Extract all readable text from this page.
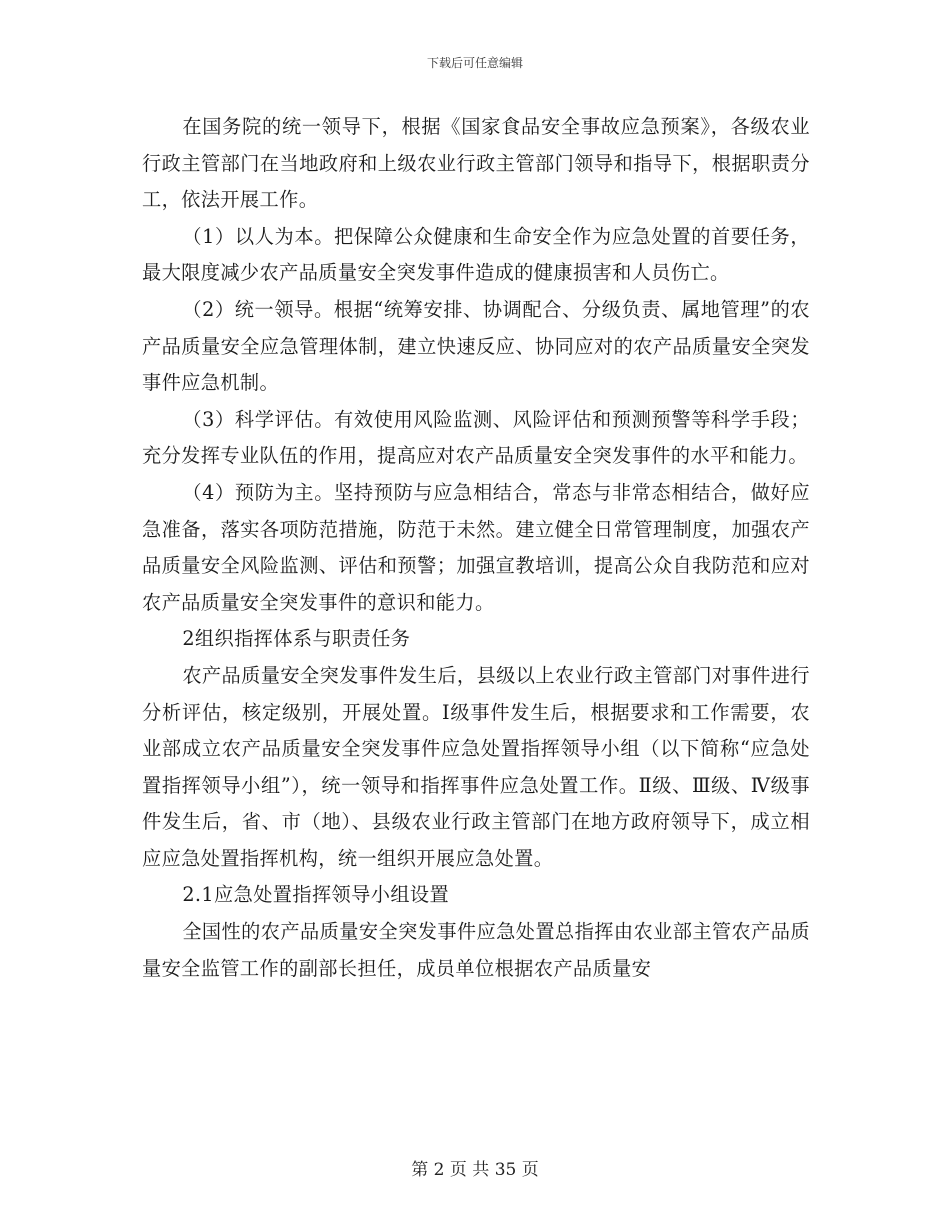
下载后可任意编辑

在国务院的统一领导下，根据《国家食品安全事故应急预案》，各级农业行政主管部门在当地政府和上级农业行政主管部门领导和指导下，根据职责分工，依法开展工作。

（1）以人为本。把保障公众健康和生命安全作为应急处置的首要任务，最大限度减少农产品质量安全突发事件造成的健康损害和人员伤亡。

（2）统一领导。根据“统筹安排、协调配合、分级负责、属地管理”的农产品质量安全应急管理体制，建立快速反应、协同应对的农产品质量安全突发事件应急机制。

（3）科学评估。有效使用风险监测、风险评估和预测预警等科学手段；充分发挥专业队伍的作用，提高应对农产品质量安全突发事件的水平和能力。

（4）预防为主。坚持预防与应急相结合，常态与非常态相结合，做好应急准备，落实各项防范措施，防范于未然。建立健全日常管理制度，加强农产品质量安全风险监测、评估和预警；加强宣教培训，提高公众自我防范和应对农产品质量安全突发事件的意识和能力。

2组织指挥体系与职责任务

农产品质量安全突发事件发生后，县级以上农业行政主管部门对事件进行分析评估，核定级别，开展处置。Ⅰ级事件发生后，根据要求和工作需要，农业部成立农产品质量安全突发事件应急处置指挥领导小组（以下简称“应急处置指挥领导小组”），统一领导和指挥事件应急处置工作。Ⅱ级、Ⅲ级、Ⅳ级事件发生后，省、市（地）、县级农业行政主管部门在地方政府领导下，成立相应应急处置指挥机构，统一组织开展应急处置。

2.1应急处置指挥领导小组设置

全国性的农产品质量安全突发事件应急处置总指挥由农业部主管农产品质量安全监管工作的副部长担任，成员单位根据农产品质量安

第 2 页 共 35 页
